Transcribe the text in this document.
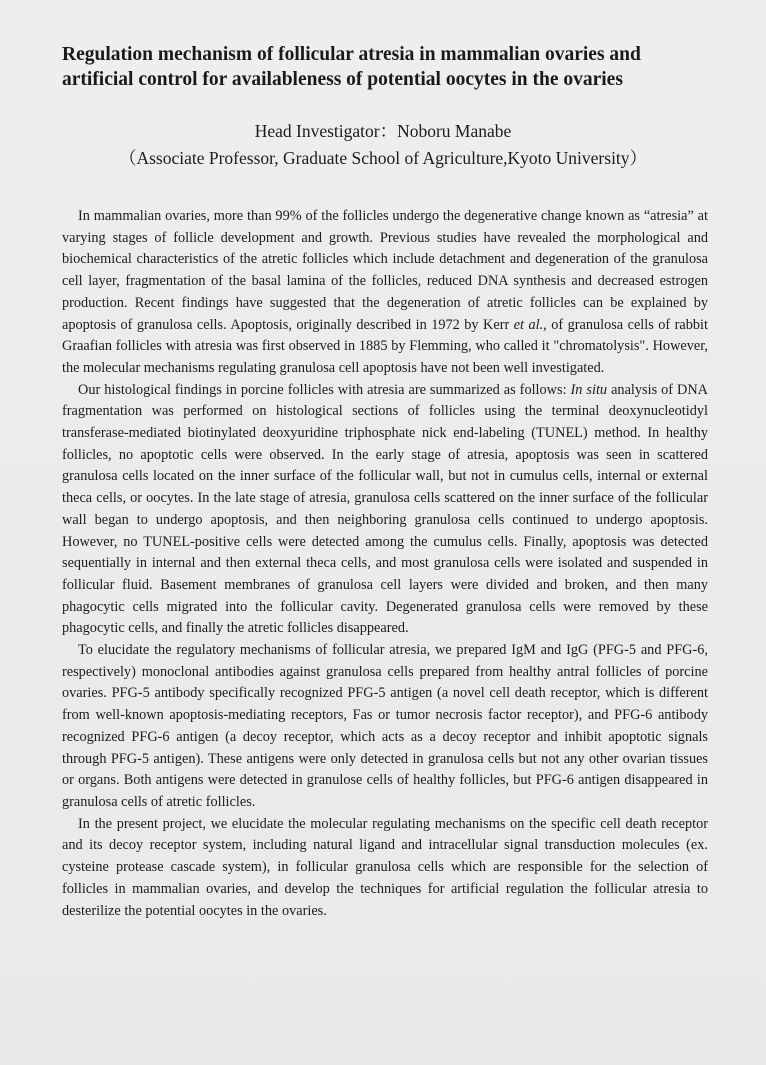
Regulation mechanism of follicular atresia in mammalian ovaries and
artificial control for availableness of potential oocytes in the ovaries
Head Investigator：Noboru Manabe
（Associate Professor, Graduate School of Agriculture,Kyoto University）

In mammalian ovaries, more than 99% of the follicles undergo the degenerative change known as “atresia” at varying stages of follicle development and growth. Previous studies have revealed the morphological and biochemical characteristics of the atretic follicles which include detachment and degeneration of the granulosa cell layer, fragmentation of the basal lamina of the follicles, reduced DNA synthesis and decreased estrogen production. Recent findings have suggested that the degeneration of atretic follicles can be explained by apoptosis of granulosa cells. Apoptosis, originally described in 1972 by Kerr et al., of granulosa cells of rabbit Graafian follicles with atresia was first observed in 1885 by Flemming, who called it "chromatolysis". However, the molecular mechanisms regulating granulosa cell apoptosis have not been well investigated.

Our histological findings in porcine follicles with atresia are summarized as follows: In situ analysis of DNA fragmentation was performed on histological sections of follicles using the terminal deoxynucleotidyl transferase-mediated biotinylated deoxyuridine triphosphate nick end-labeling (TUNEL) method. In healthy follicles, no apoptotic cells were observed. In the early stage of atresia, apoptosis was seen in scattered granulosa cells located on the inner surface of the follicular wall, but not in cumulus cells, internal or external theca cells, or oocytes. In the late stage of atresia, granulosa cells scattered on the inner surface of the follicular wall began to undergo apoptosis, and then neighboring granulosa cells continued to undergo apoptosis. However, no TUNEL-positive cells were detected among the cumulus cells. Finally, apoptosis was detected sequentially in internal and then external theca cells, and most granulosa cells were isolated and suspended in follicular fluid. Basement membranes of granulosa cell layers were divided and broken, and then many phagocytic cells migrated into the follicular cavity. Degenerated granulosa cells were removed by these phagocytic cells, and finally the atretic follicles disappeared.

To elucidate the regulatory mechanisms of follicular atresia, we prepared IgM and IgG (PFG-5 and PFG-6, respectively) monoclonal antibodies against granulosa cells prepared from healthy antral follicles of porcine ovaries. PFG-5 antibody specifically recognized PFG-5 antigen (a novel cell death receptor, which is different from well-known apoptosis-mediating receptors, Fas or tumor necrosis factor receptor), and PFG-6 antibody recognized PFG-6 antigen (a decoy receptor, which acts as a decoy receptor and inhibit apoptotic signals through PFG-5 antigen). These antigens were only detected in granulosa cells but not any other ovarian tissues or organs. Both antigens were detected in granulose cells of healthy follicles, but PFG-6 antigen disappeared in granulosa cells of atretic follicles.

In the present project, we elucidate the molecular regulating mechanisms on the specific cell death receptor and its decoy receptor system, including natural ligand and intracellular signal transduction molecules (ex. cysteine protease cascade system), in follicular granulosa cells which are responsible for the selection of follicles in mammalian ovaries, and develop the techniques for artificial regulation the follicular atresia to desterilize the potential oocytes in the ovaries.
